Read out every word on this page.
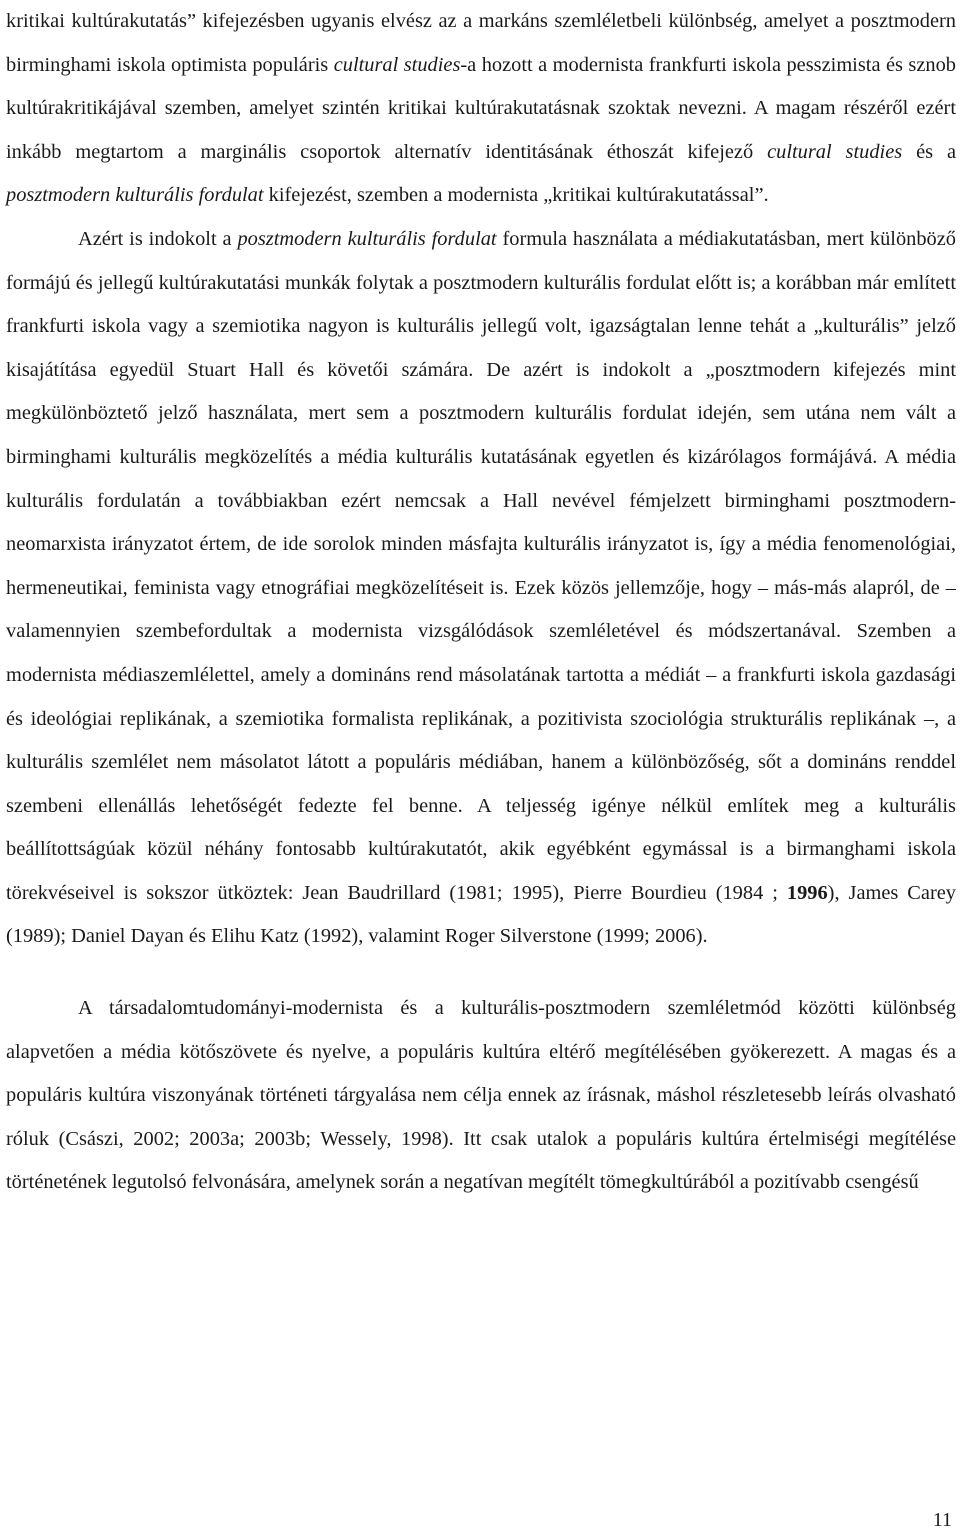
kritikai kultúrakutatás” kifejezésben ugyanis elvész az a markáns szemléletbeli különbség, amelyet a posztmodern birminghami iskola optimista populáris cultural studies-a hozott a modernista frankfurti iskola pesszimista és sznob kultúrakritikájával szemben, amelyet szintén kritikai kultúrakutatásnak szoktak nevezni. A magam részéről ezért inkább megtartom a marginális csoportok alternatív identitásának éthoszát kifejező cultural studies és a posztmodern kulturális fordulat kifejezést, szemben a modernista „kritikai kultúrakutatással”.

Azért is indokolt a posztmodern kulturális fordulat formula használata a médiakutatásban, mert különböző formájú és jellegű kultúrakutatási munkák folytak a posztmodern kulturális fordulat előtt is; a korábban már említett frankfurti iskola vagy a szemiotika nagyon is kulturális jellegű volt, igazságtalan lenne tehát a „kulturális” jelző kisajátítása egyedül Stuart Hall és követői számára. De azért is indokolt a „posztmodern kifejezés mint megkülönböztető jelző használata, mert sem a posztmodern kulturális fordulat idején, sem utána nem vált a birminghami kulturális megközelítés a média kulturális kutatásának egyetlen és kizárólagos formájává. A média kulturális fordulatán a továbbiakban ezért nemcsak a Hall nevével fémjelzett birminghami posztmodern-neomarxista irányzatot értem, de ide sorolok minden másfajta kulturális irányzatot is, így a média fenomenológiai, hermeneutikai, feminista vagy etnográfiai megközelítéseit is. Ezek közös jellemzője, hogy – más-más alapról, de – valamennyien szembefordultak a modernista vizsgálódások szemléletével és módszertanával. Szemben a modernista médiaszemlélettel, amely a domináns rend másolatának tartotta a médiát – a frankfurti iskola gazdasági és ideológiai replikának, a szemiotika formalista replikának, a pozitivista szociológia strukturális replikának –, a kulturális szemlélet nem másolatot látott a populáris médiában, hanem a különbözőség, sőt a domináns renddel szembeni ellenállás lehetőségét fedezte fel benne. A teljesség igénye nélkül említek meg a kulturális beállítottságúak közül néhány fontosabb kultúrakutatót, akik egyébként egymással is a birmanghami iskola törekvéseivel is sokszor ütköztek: Jean Baudrillard (1981; 1995), Pierre Bourdieu (1984 ; 1996), James Carey (1989); Daniel Dayan és Elihu Katz (1992), valamint Roger Silverstone (1999; 2006).

A társadalomtudományi-modernista és a kulturális-posztmodern szemléletmód közötti különbség alapvetően a média kötőszövete és nyelve, a populáris kultúra eltérő megítélésében gyökerezett. A magas és a populáris kultúra viszonyának történeti tárgyalása nem célja ennek az írásnak, máshol részletesebb leírás olvasható róluk (Császi, 2002; 2003a; 2003b; Wessely, 1998). Itt csak utalok a populáris kultúra értelmiségi megítélése történetének legutolsó felvonására, amelynek során a negatívan megítélt tömegkultúrából a pozitívabb csengésű

11
